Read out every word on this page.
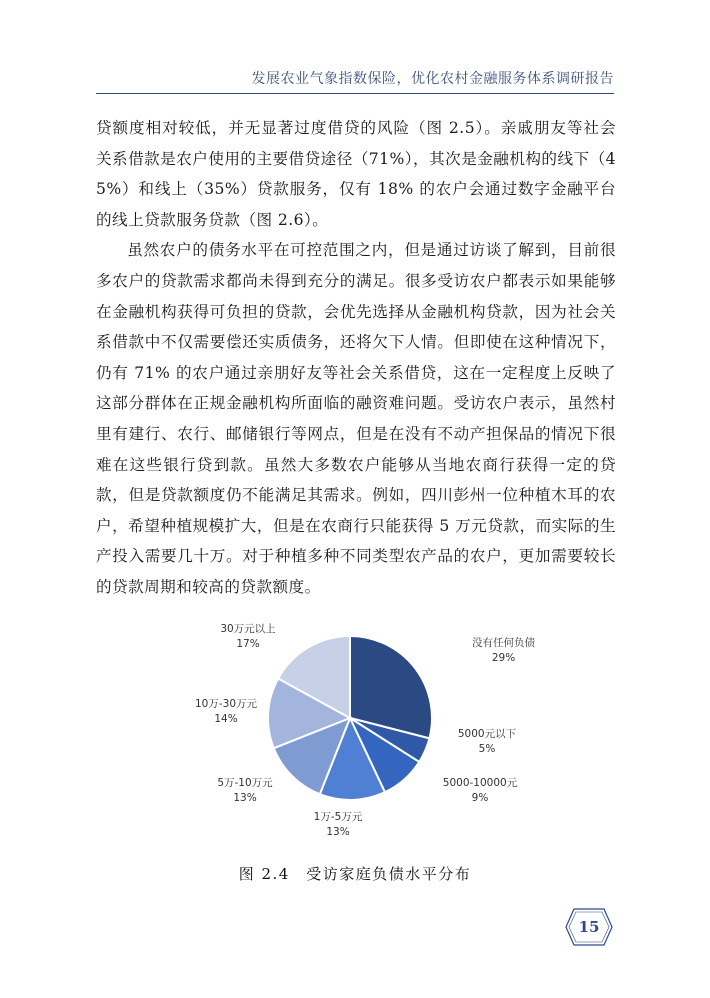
发展农业气象指数保险，优化农村金融服务体系调研报告

贷额度相对较低，并无显著过度借贷的风险（图 2.5）。亲戚朋友等社会关系借款是农户使用的主要借贷途径（71%），其次是金融机构的线下（45%）和线上（35%）贷款服务，仅有 18% 的农户会通过数字金融平台的线上贷款服务贷款（图 2.6）。

虽然农户的债务水平在可控范围之内，但是通过访谈了解到，目前很多农户的贷款需求都尚未得到充分的满足。很多受访农户都表示如果能够在金融机构获得可负担的贷款，会优先选择从金融机构贷款，因为社会关系借款中不仅需要偿还实质债务，还将欠下人情。但即使在这种情况下，仍有 71% 的农户通过亲朋好友等社会关系借贷，这在一定程度上反映了这部分群体在正规金融机构所面临的融资难问题。受访农户表示，虽然村里有建行、农行、邮储银行等网点，但是在没有不动产担保品的情况下很难在这些银行贷到款。虽然大多数农户能够从当地农商行获得一定的贷款，但是贷款额度仍不能满足其需求。例如，四川彭州一位种植木耳的农户，希望种植规模扩大，但是在农商行只能获得 5 万元贷款，而实际的生产投入需要几十万。对于种植多种不同类型农产品的农户，更加需要较长的贷款周期和较高的贷款额度。

没有任何负债
29%
5000元以下
5%
5000-10000元
9%
1万-5万元
13%
5万-10万元
13%
10万-30万元
14%
30万元以上
17%
图 2.4　受访家庭负债水平分布
15
